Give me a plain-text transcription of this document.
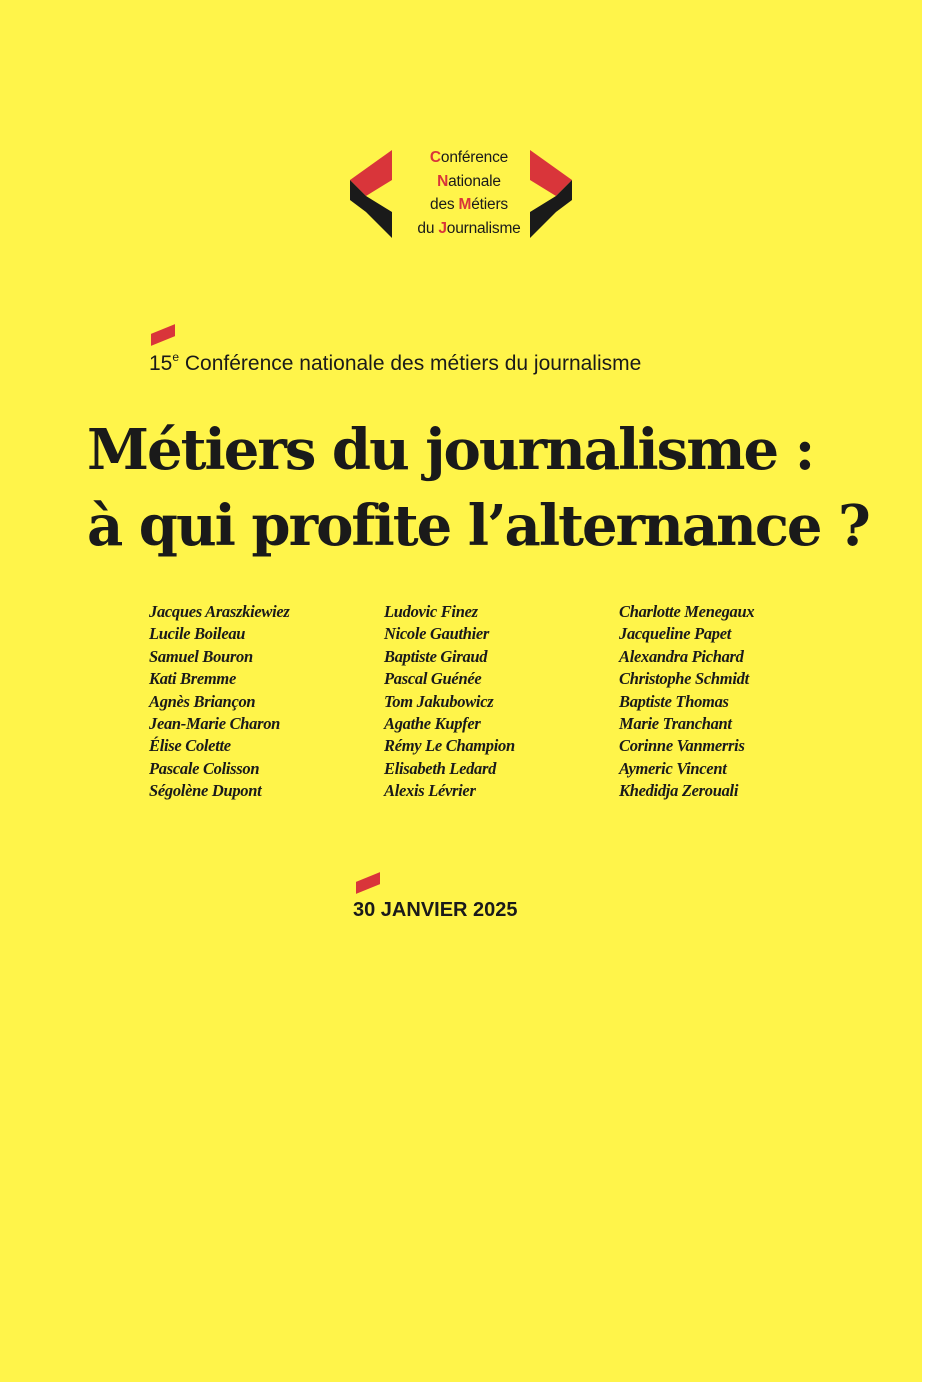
Conférence
Nationale
des Métiers
du Journalisme
15e Conférence nationale des métiers du journalisme
Métiers du journalisme :
à qui profite l’alternance ?
Jacques Araszkiewiez
Lucile Boileau
Samuel Bouron
Kati Bremme
Agnès Briançon
Jean-Marie Charon
Élise Colette
Pascale Colisson
Ségolène Dupont
Ludovic Finez
Nicole Gauthier
Baptiste Giraud
Pascal Guénée
Tom Jakubowicz
Agathe Kupfer
Rémy Le Champion
Elisabeth Ledard
Alexis Lévrier
Charlotte Menegaux
Jacqueline Papet
Alexandra Pichard
Christophe Schmidt
Baptiste Thomas
Marie Tranchant
Corinne Vanmerris
Aymeric Vincent
Khedidja Zerouali
30 JANVIER 2025
